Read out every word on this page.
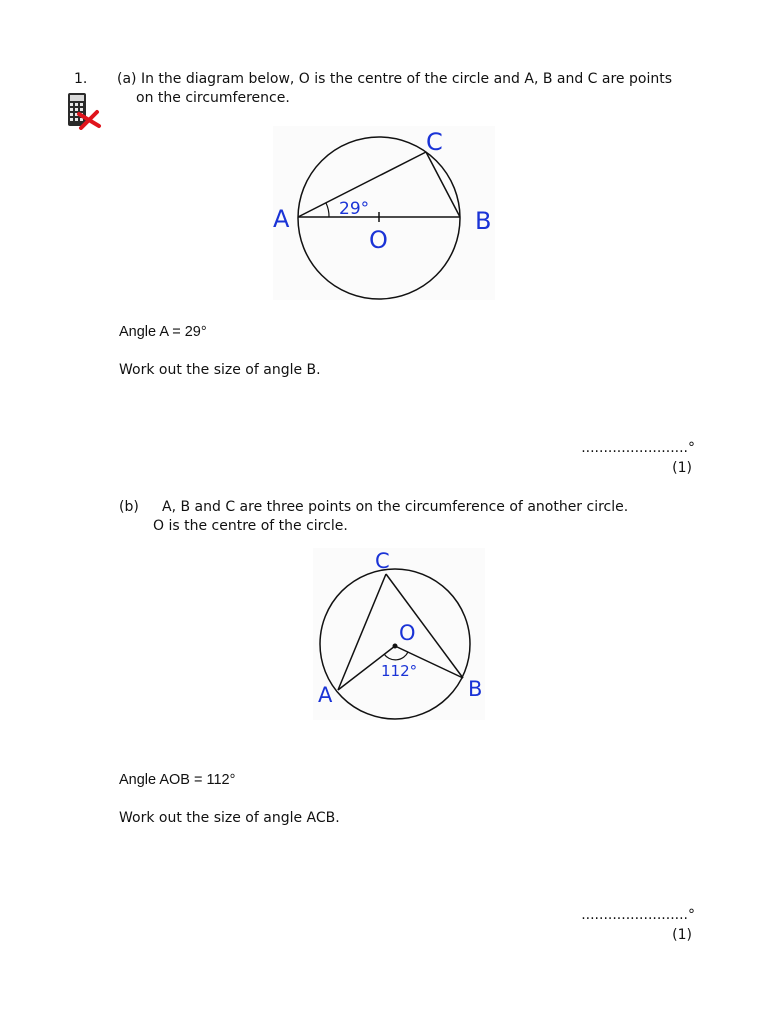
1. (a) In the diagram below, O is the centre of the circle and A, B and C are points
on the circumference.
A	B
C
O
29°
Angle A = 29°
Work out the size of angle B.
........................°
(1)
(b) A, B and C are three points on the circumference of another circle.
O is the centre of the circle.
A	B
C
O
112°
Angle AOB = 112°
Work out the size of angle ACB.
........................°
(1)
